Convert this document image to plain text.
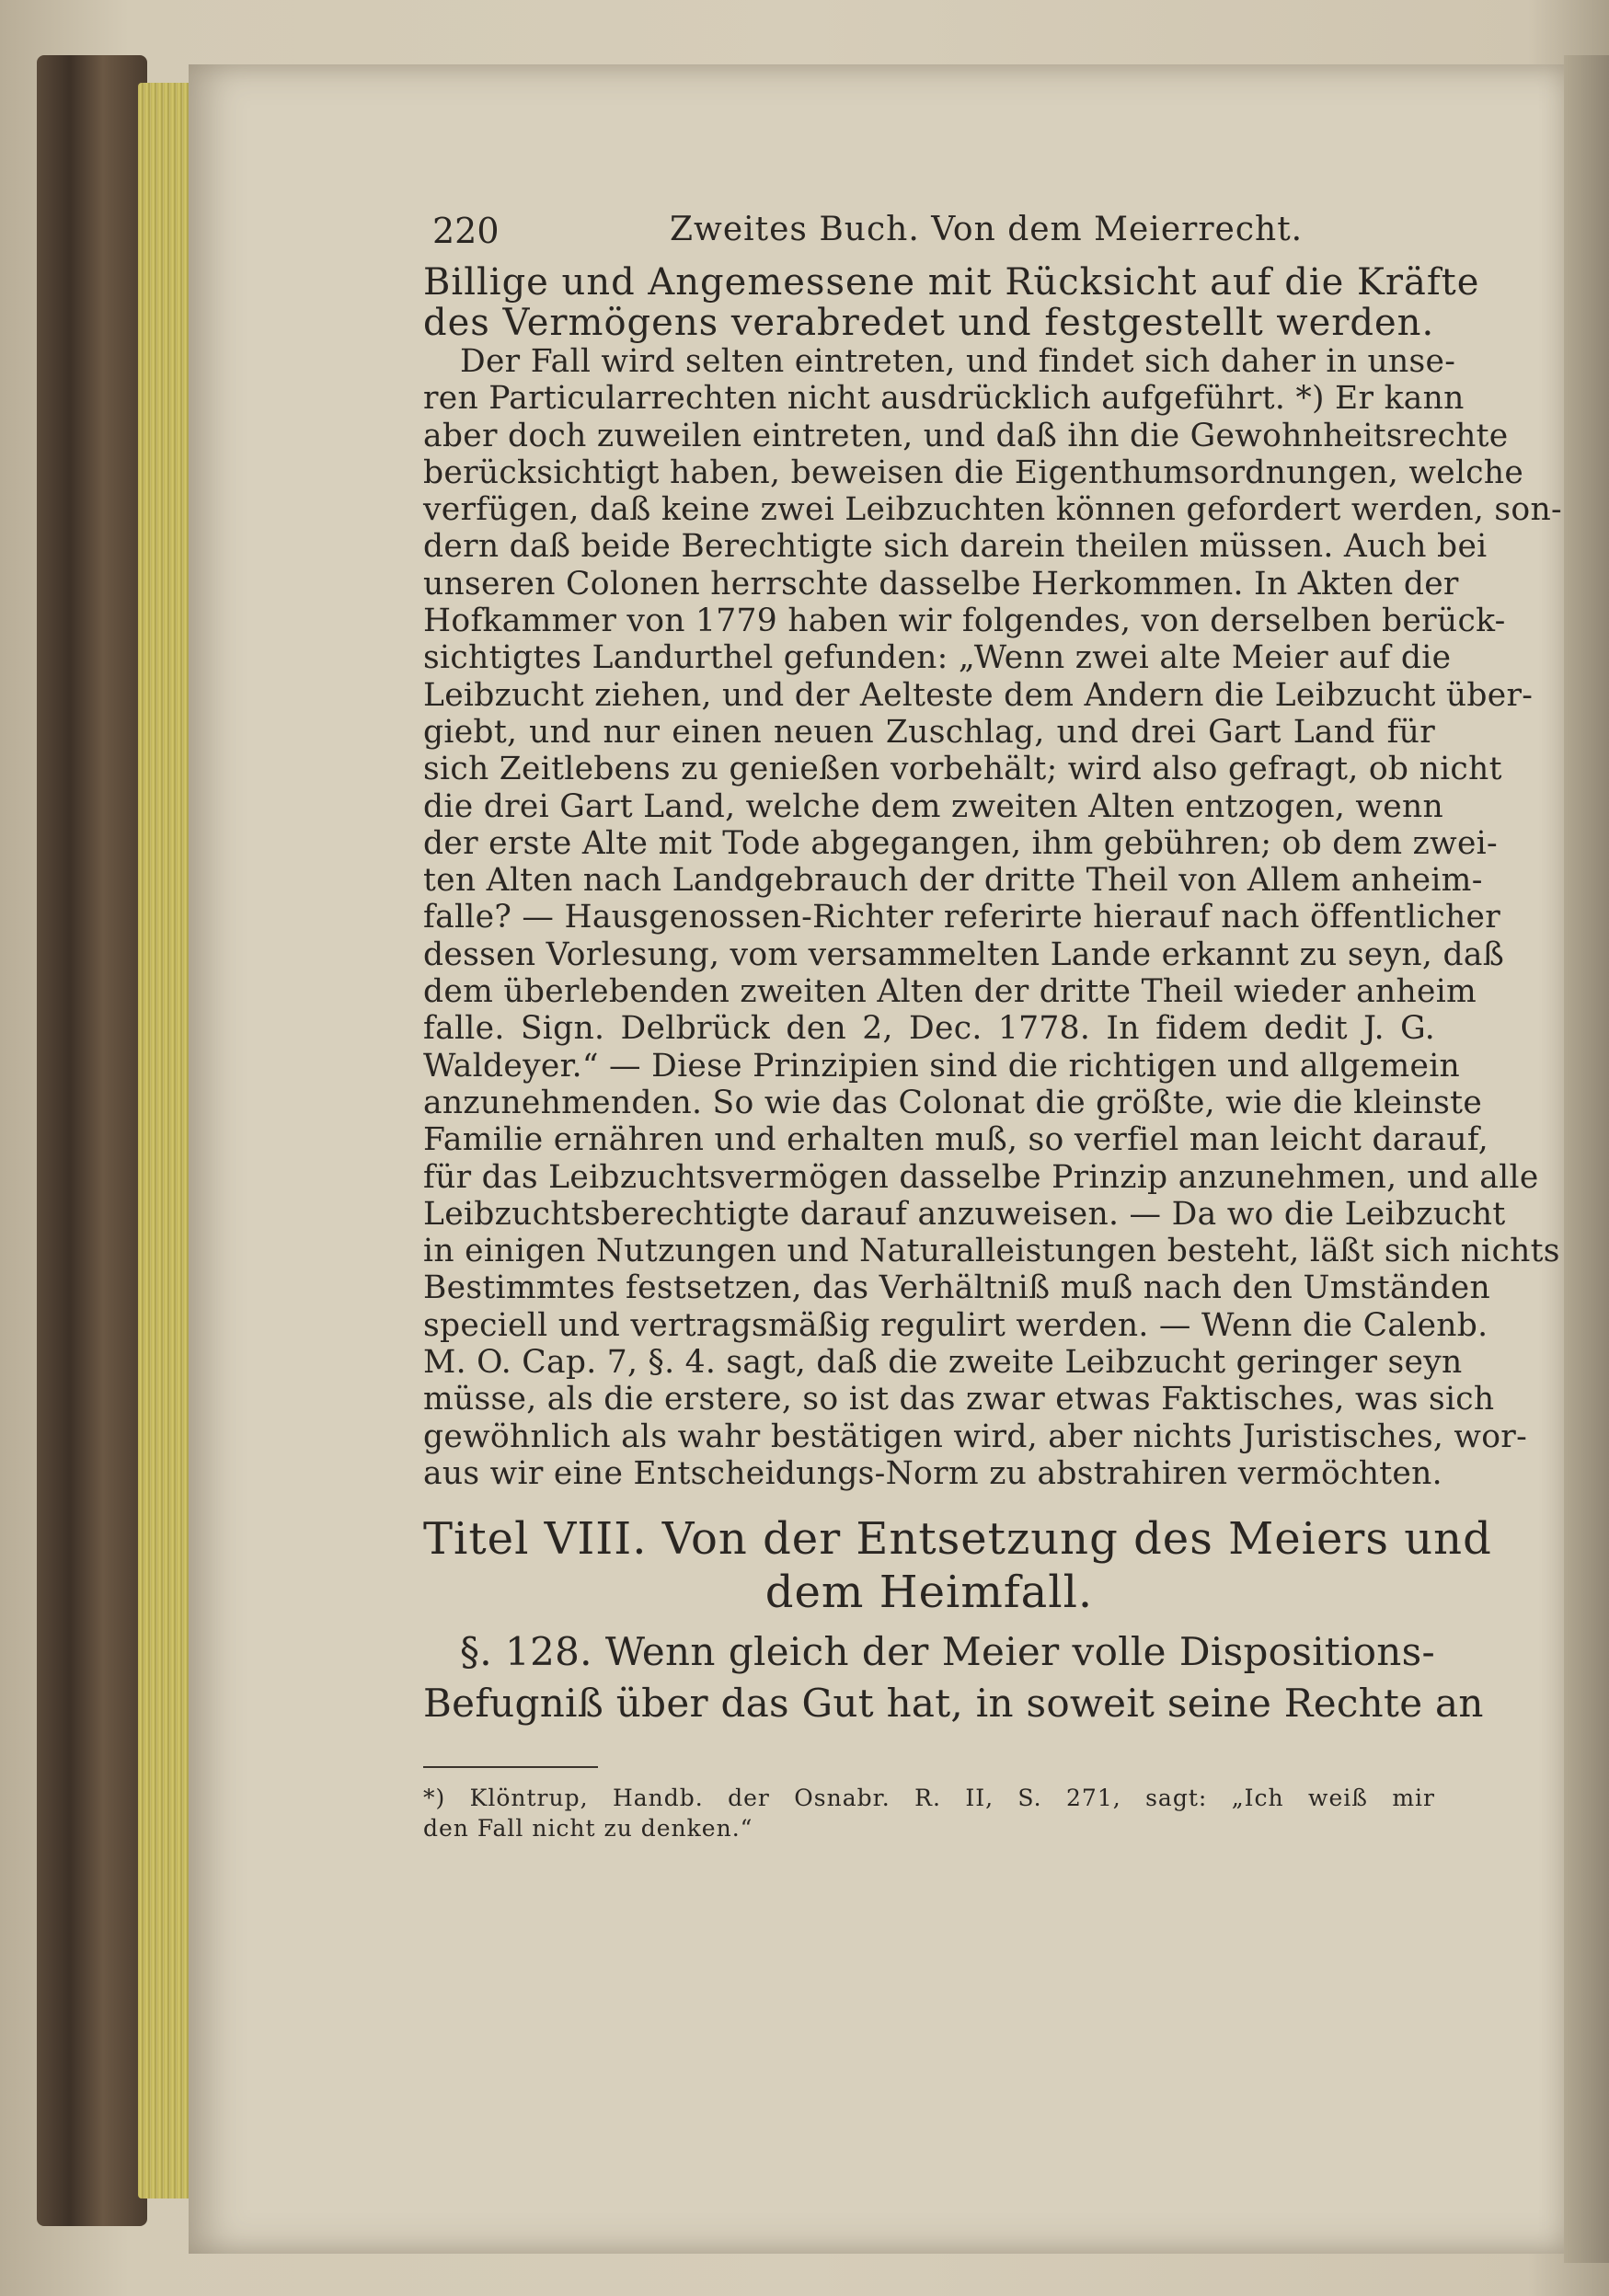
220	Zweites Buch. Von dem Meierrecht.
Billige und Angemessene mit Rücksicht auf die Kräfte
des Vermögens verabredet und festgestellt werden.
Der Fall wird selten eintreten, und findet sich daher in unse-
ren Particularrechten nicht ausdrücklich aufgeführt. *) Er kann
aber doch zuweilen eintreten, und daß ihn die Gewohnheitsrechte
berücksichtigt haben, beweisen die Eigenthumsordnungen, welche
verfügen, daß keine zwei Leibzuchten können gefordert werden, son-
dern daß beide Berechtigte sich darein theilen müssen. Auch bei
unseren Colonen herrschte dasselbe Herkommen. In Akten der
Hofkammer von 1779 haben wir folgendes, von derselben berück-
sichtigtes Landurthel gefunden: „Wenn zwei alte Meier auf die
Leibzucht ziehen, und der Aelteste dem Andern die Leibzucht über-
giebt, und nur einen neuen Zuschlag, und drei Gart Land für
sich Zeitlebens zu genießen vorbehält; wird also gefragt, ob nicht
die drei Gart Land, welche dem zweiten Alten entzogen, wenn
der erste Alte mit Tode abgegangen, ihm gebühren; ob dem zwei-
ten Alten nach Landgebrauch der dritte Theil von Allem anheim-
falle? — Hausgenossen-Richter referirte hierauf nach öffentlicher
dessen Vorlesung, vom versammelten Lande erkannt zu seyn, daß
dem überlebenden zweiten Alten der dritte Theil wieder anheim
falle. Sign. Delbrück den 2, Dec. 1778. In fidem dedit J. G.
Waldeyer.“ — Diese Prinzipien sind die richtigen und allgemein
anzunehmenden. So wie das Colonat die größte, wie die kleinste
Familie ernähren und erhalten muß, so verfiel man leicht darauf,
für das Leibzuchtsvermögen dasselbe Prinzip anzunehmen, und alle
Leibzuchtsberechtigte darauf anzuweisen. — Da wo die Leibzucht
in einigen Nutzungen und Naturalleistungen besteht, läßt sich nichts
Bestimmtes festsetzen, das Verhältniß muß nach den Umständen
speciell und vertragsmäßig regulirt werden. — Wenn die Calenb.
M. O. Cap. 7, §. 4. sagt, daß die zweite Leibzucht geringer seyn
müsse, als die erstere, so ist das zwar etwas Faktisches, was sich
gewöhnlich als wahr bestätigen wird, aber nichts Juristisches, wor-
aus wir eine Entscheidungs-Norm zu abstrahiren vermöchten.
Titel VIII. Von der Entsetzung des Meiers und
dem Heimfall.
§. 128. Wenn gleich der Meier volle Dispositions-
Befugniß über das Gut hat, in soweit seine Rechte an
*) Klöntrup, Handb. der Osnabr. R. II, S. 271, sagt: „Ich weiß mir
den Fall nicht zu denken.“
